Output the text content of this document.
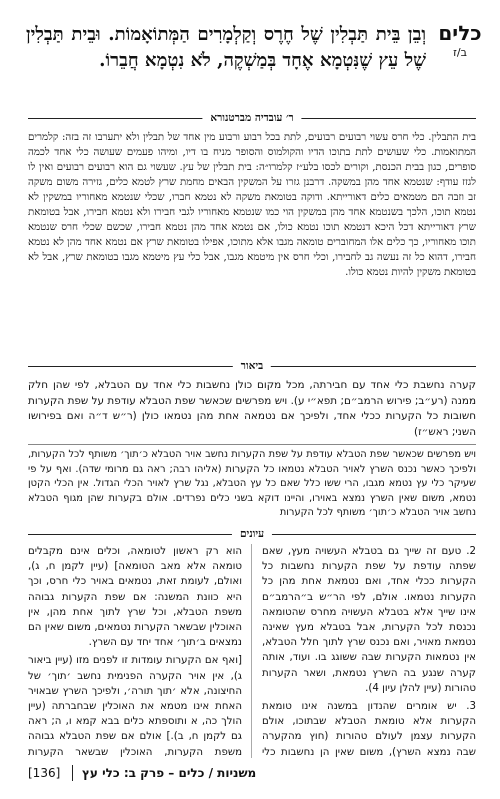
כלים
ב/ז
וְבֵן בֵּית תַּבְלִין שֶׁל חֶרֶס וְקַלְמָרִים הַמְּתוֹאָמוֹת. וּבֵית תַּבְלִין שֶׁל עֵץ שֶׁנִּטְמָא אֶחָד בְּמַשְׁקֶה, לֹא נִטְמָא חֲבֵרוֹ.
ר׳ עובדיה מברטנורא
בית התבלין. כלי חרס עשוי רבועים רבועים, לתת בכל רבוע ורבוע מין אחד של תבלין ולא יתערבו זה בזה: קלמרים המתואמות. כלי שעושים לתת בתוכו הדיו והקולמוס והסופר מניח בו דיו, ומיהו פעמים שעושה כלי אחד לכמה סופרים, כגון בבית הכנסת, וקורים לכסו בלע״ז קלמרו״ה: בית תבלין של עץ. שעשוי גם הוא רבועים רבועים ואין לו לגזז עודף: שנטמא אחד מהן במשקה. דרבנן גזרו על המשקין הבאים מחמת שרץ לטמא כלים, גזירה משום משקה זב וזבה הם מטמאים כלים דאורייתא. ודוקה בטומאת משקה לא נטמא חברו, שכלי שנטמא מאחוריו במשקין לא נטמא תוכו, הלכך בשנטמא אחד מהן במשקין הוי כמו שנטמא מאחוריו לגבי חבירו ולא נטמא חבירו, אבל בטומאת שרץ דאורייתא דכל היכא דנטמא תוכו נטמא כולו, אם נטמא אחד מהן נטמא חבירו, שכשם שכלי חרס שנטמא תוכו מאחוריו, כך כלים אלו המחוברים טומאה מגבו אלא מתוכו, אפילו בטומאת שרץ אם נטמא אחד מהן לא נטמא חבירו, דהוא כל זה נעשה גב לחבירו, וכלי חרס אין מיטמא מגבו, אבל כלי עץ מיטמא מגבו בטומאת שרץ, אבל לא בטומאת משקין להיות נטמא כולו.
ביאור
קערה נחשבת כלי אחד עם חבירתה, מכל מקום כולן נחשבות כלי אחד עם הטבלא, לפי שהן חלק ממנה (רע״ב; פירוש הרמב״ם; תפא״י ע). ויש מפרשים שכאשר שפת הטבלא עודפת על שפת הקערות חשובות כל הקערות ככלי אחד, ולפיכך אם נטמאה אחת מהן נטמאו כולן (ר״ש ד״ה ואם בפירושו השני; ראש״ז)
ויש מפרשים שכאשר שפת הטבלא עודפת על שפת הקערות נחשב אויר הטבלא כ׳תוך׳ משותף לכל הקערות, ולפיכך כאשר נכנס השרץ לאויר הטבלא נטמאו כל הקערות (אליהו רבה; ראה גם מרומי שדה). ואף על פי שעיקר כלי עץ נטמא מגבו, הרי ששו כלל שאם כל עץ הטבלא, נגל שרץ לאויר הכלי הגדול. אין הכלי הקטן נטמא, משום שאין השרץ נמצא באוירו, והיינו דוקא בשני כלים נפרדים. אולם בקערות שהן מגוף הטבלא נחשב אויר הטבלא כ׳תוך׳ משותף לכל הקערות
עיונים

2. טעם זה שייך גם בטבלא העשויה מעץ, שאם שפתה עודפת על שפת הקערות נחשבות כל הקערות ככלי אחד, ואם נטמאת אחת מהן כל הקערות נטמאו. אולם, לפי הר״ש ב״הרמב״ם אינו שייך אלא בטבלא העשויה מחרס שהטומאה נכנסת לכל הקערות, אבל בטבלא מעץ שאינה נטמאת מאויר, ואם נכנס שרץ לתוך חלל הטבלא, אין נטמאות הקערות שבה ששוגג בו. ועוד, אותה קערה שנגע בה השרץ נטמאת, ושאר הקערות טהורות (עיין להלן עיון 4).

3. יש אומרים שהנדון במשנה אינו טומאת הקערות אלא טומאת הטבלא שבתוכו, אולם הקערות עצמן לעולם טהורות (חוץ מהקערה שבה נמצא השרץ), משום שאין הן נחשבות כלי

הוא רק ראשון לטומאה, וכלים אינם מקבלים טומאה אלא מאב הטומאה] (עיין לקמן ח, ג), ואולם, לעומת זאת, נטמאים באויר כלי חרס, וכך היא כוונת המשנה: אם שפת הקערות גבוהה משפת הטבלא, וכל שרץ לתוך אחת מהן, אין האוכלין שבשאר הקערות נטמאים, משום שאין הם נמצאים ב׳תוך׳ אחד יחד עם השרץ.

[ואף אם הקערות עומדות זו לפנים מזו (עיין ביאור ג), אין אויר הקערה הפנימית נחשב ׳תוך׳ של החיצונה, אלא ׳תוך תורה׳, ולפיכך השרץ שבאויר האחת אינו מטמא את האוכלין שבחברתה (עיין הולך כה, א ותוספתא כלים בבא קמא ו, ה; ראה גם לקמן ח, ב).] אולם אם שפת הטבלא גבוהה משפת הקערות, האוכלין שבשאר הקערות

[136] משניות / כלים – פרק ב: כלי עץ
